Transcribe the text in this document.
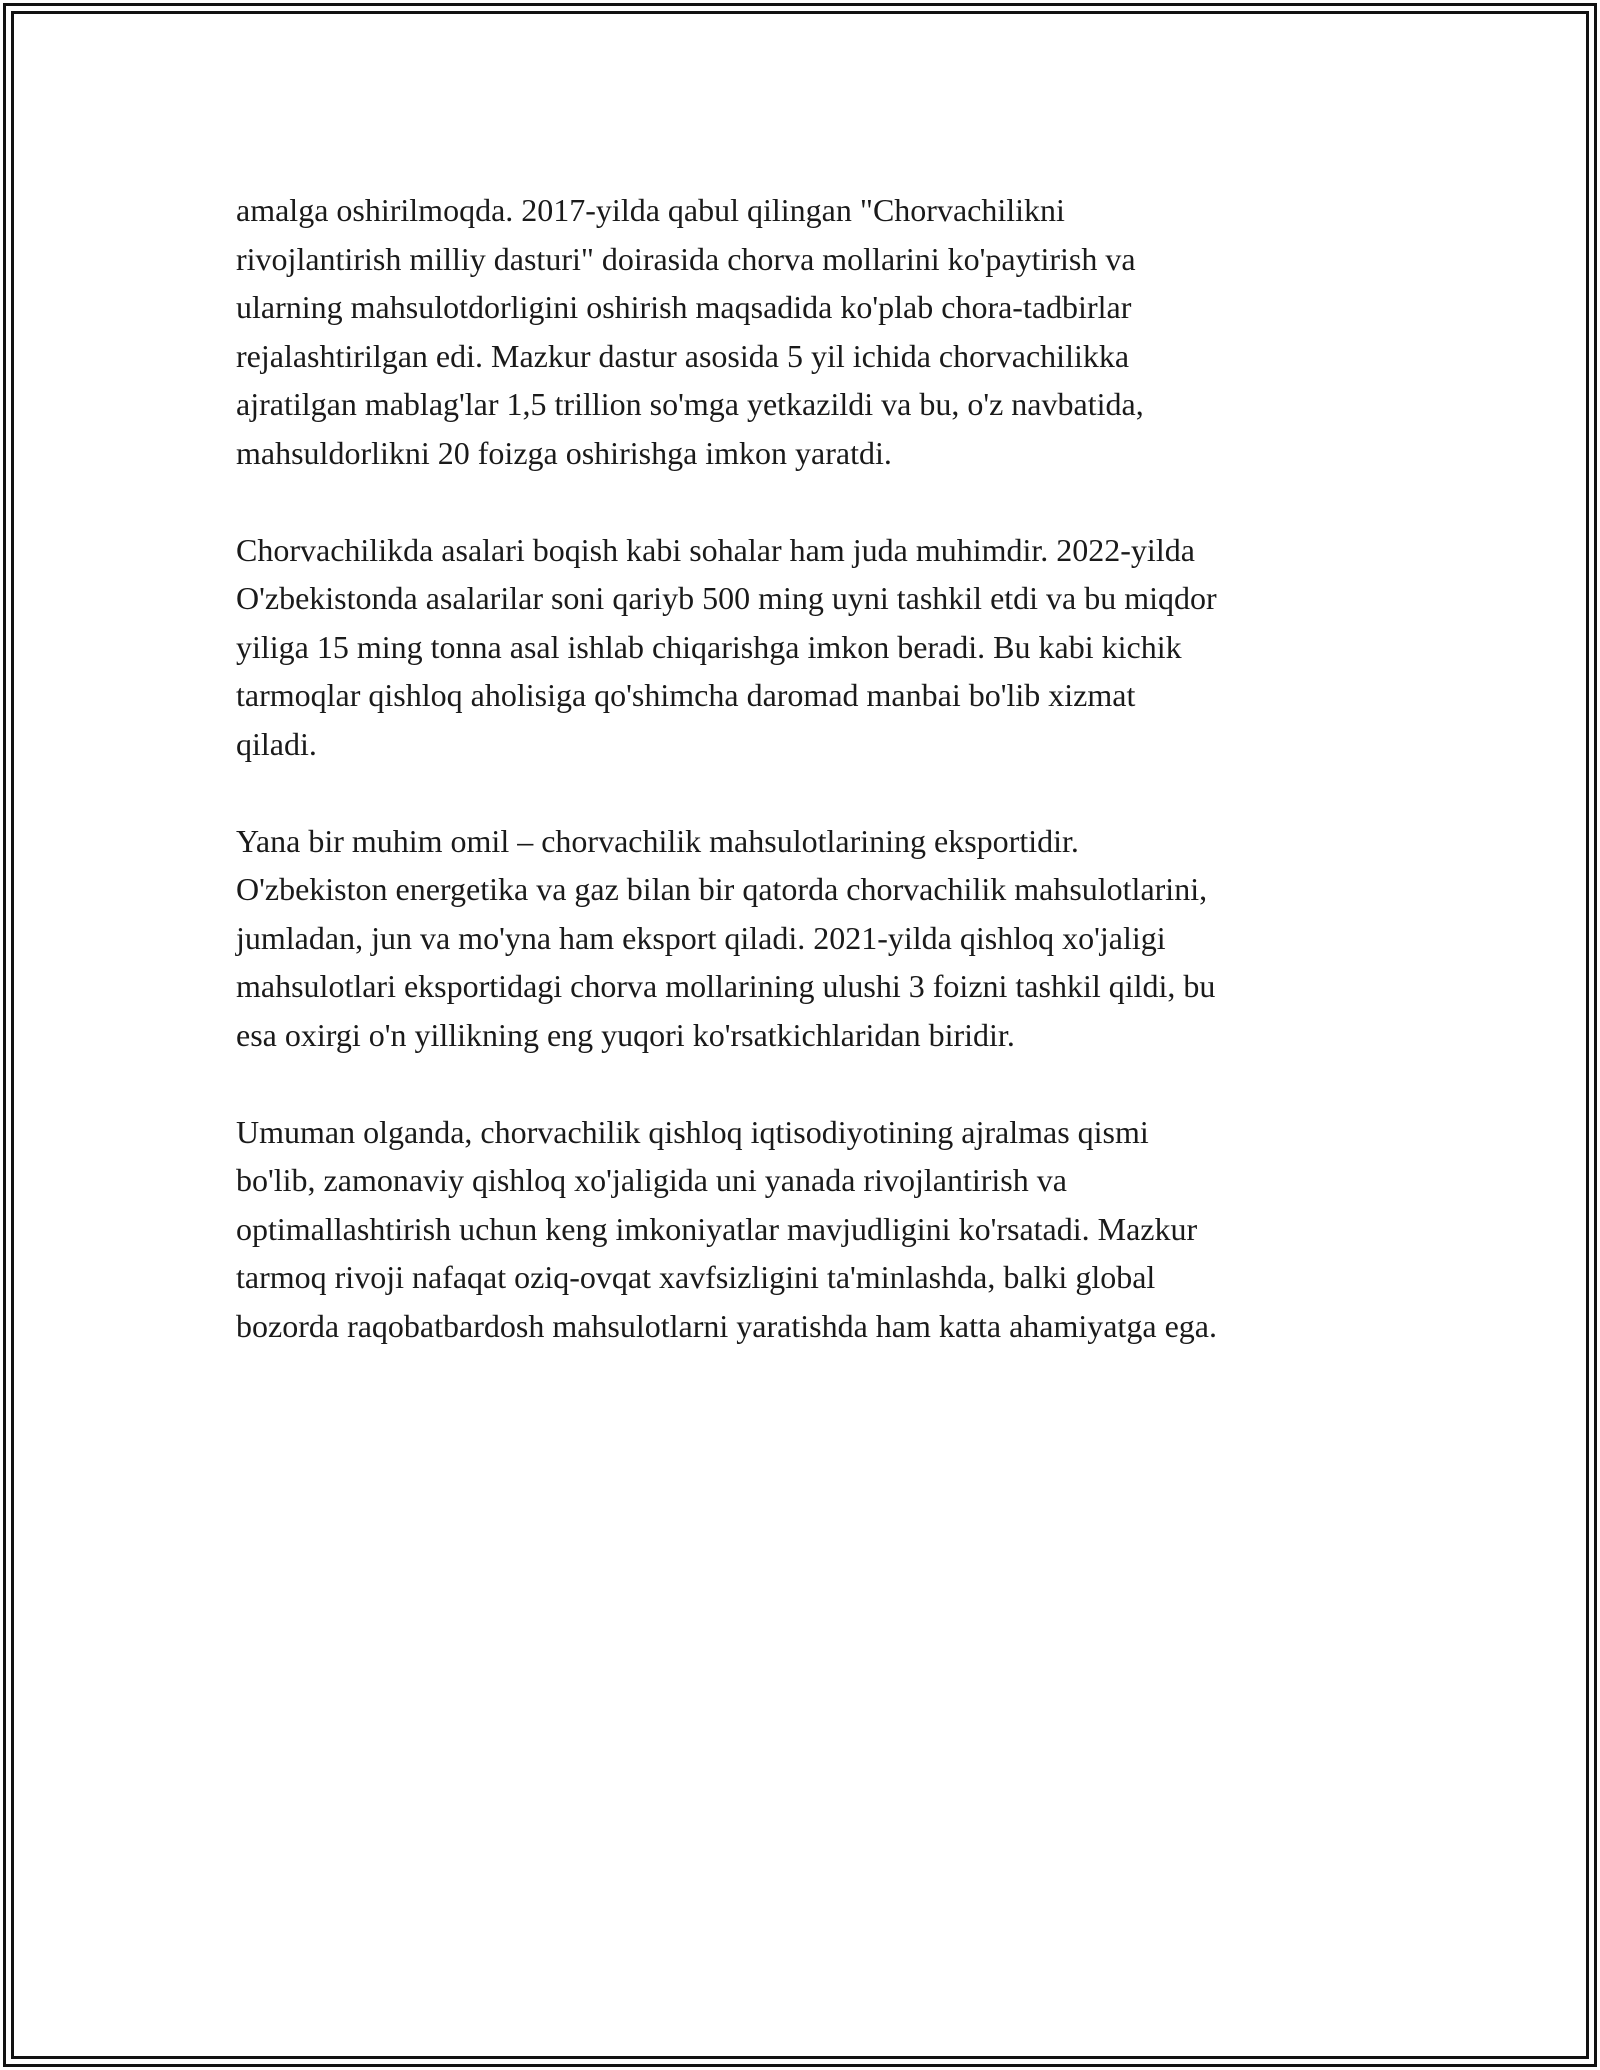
amalga oshirilmoqda. 2017-yilda qabul qilingan "Chorvachilikni
rivojlantirish milliy dasturi" doirasida chorva mollarini ko'paytirish va
ularning mahsulotdorligini oshirish maqsadida ko'plab chora-tadbirlar
rejalashtirilgan edi. Mazkur dastur asosida 5 yil ichida chorvachilikka
ajratilgan mablag'lar 1,5 trillion so'mga yetkazildi va bu, o'z navbatida,
mahsuldorlikni 20 foizga oshirishga imkon yaratdi.

Chorvachilikda asalari boqish kabi sohalar ham juda muhimdir. 2022-yilda
O'zbekistonda asalarilar soni qariyb 500 ming uyni tashkil etdi va bu miqdor
yiliga 15 ming tonna asal ishlab chiqarishga imkon beradi. Bu kabi kichik
tarmoqlar qishloq aholisiga qo'shimcha daromad manbai bo'lib xizmat
qiladi.

Yana bir muhim omil – chorvachilik mahsulotlarining eksportidir.
O'zbekiston energetika va gaz bilan bir qatorda chorvachilik mahsulotlarini,
jumladan, jun va mo'yna ham eksport qiladi. 2021-yilda qishloq xo'jaligi
mahsulotlari eksportidagi chorva mollarining ulushi 3 foizni tashkil qildi, bu
esa oxirgi o'n yillikning eng yuqori ko'rsatkichlaridan biridir.

Umuman olganda, chorvachilik qishloq iqtisodiyotining ajralmas qismi
bo'lib, zamonaviy qishloq xo'jaligida uni yanada rivojlantirish va
optimallashtirish uchun keng imkoniyatlar mavjudligini ko'rsatadi. Mazkur
tarmoq rivoji nafaqat oziq-ovqat xavfsizligini ta'minlashda, balki global
bozorda raqobatbardosh mahsulotlarni yaratishda ham katta ahamiyatga ega.
